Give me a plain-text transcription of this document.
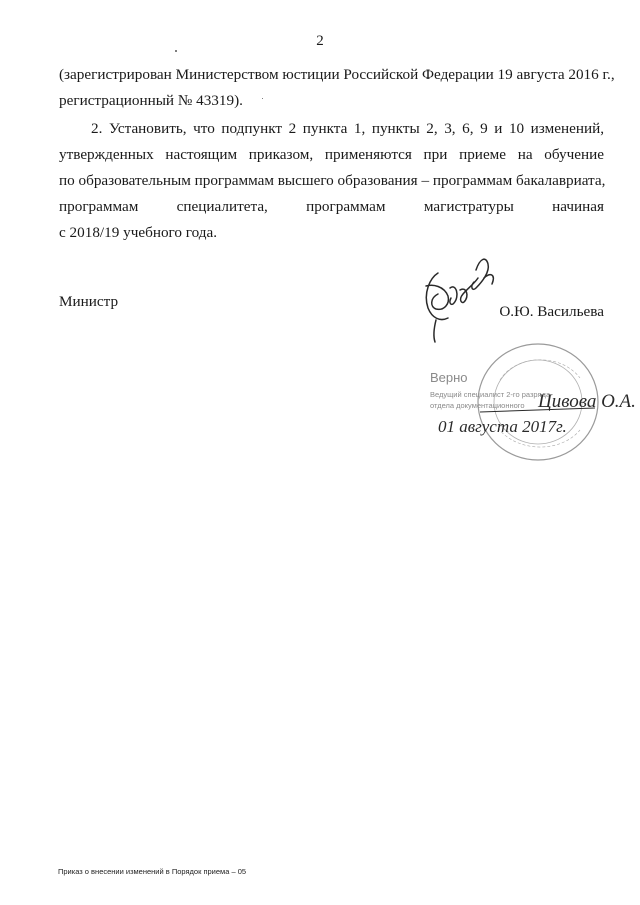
2
(зарегистрирован Министерством юстиции Российской Федерации 19 августа 2016 г.,
регистрационный № 43319).
2. Установить, что подпункт 2 пункта 1, пункты 2, 3, 6, 9 и 10 изменений,
утвержденных настоящим приказом, применяются при приеме на обучение
по образовательным программам высшего образования – программам бакалавриата,
программам специалитета, программам магистратуры начиная
с 2018/19 учебного года.
Министр
О.Ю. Васильева
Верно
Ведущий специалист 2-го разряда
отдела документационного Цивова О.А.
01 августа 2017г.
Приказ о внесении изменений в Порядок приема – 05
